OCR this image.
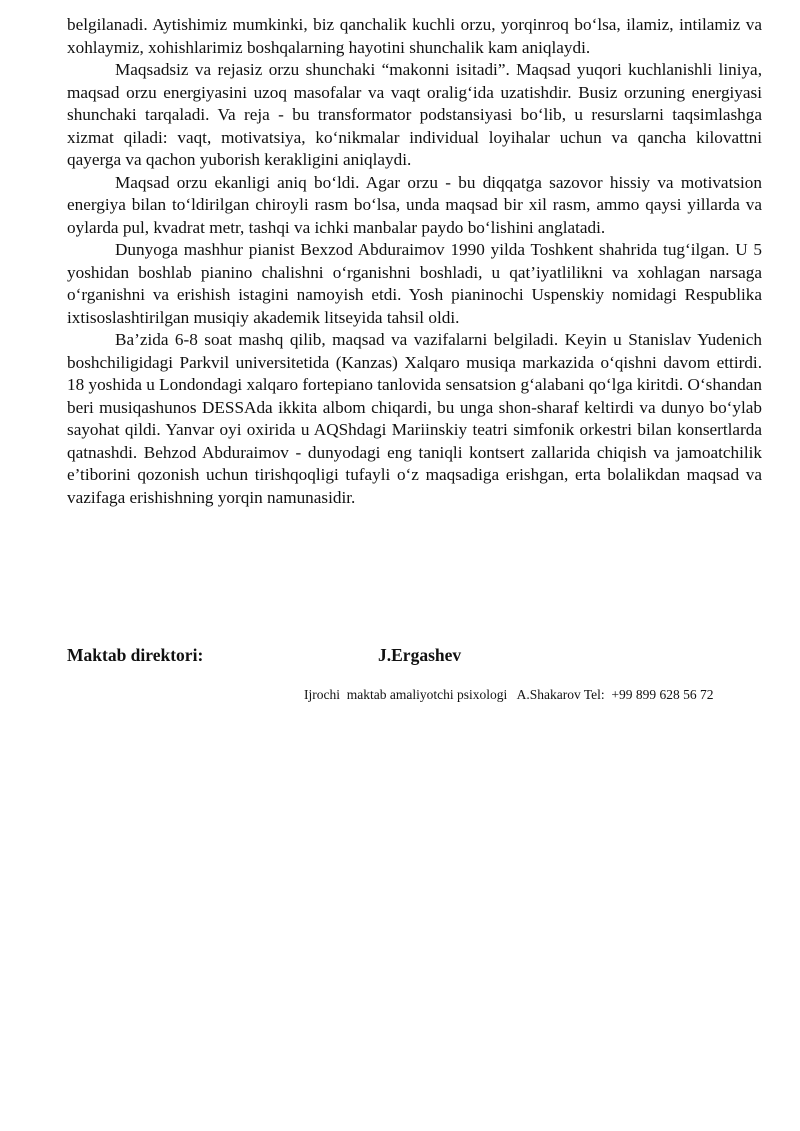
belgilanadi. Aytishimiz mumkinki, biz qanchalik kuchli orzu, yorqinroq bo‘lsa, ilamiz, intilamiz va xohlaymiz, xohishlarimiz boshqalarning hayotini shunchalik kam aniqlaydi.

Maqsadsiz va rejasiz orzu shunchaki “makonni isitadi”. Maqsad yuqori kuchlanishli liniya, maqsad orzu energiyasini uzoq masofalar va vaqt oralig‘ida uzatishdir. Busiz orzuning energiyasi shunchaki tarqaladi. Va reja - bu transformator podstansiyasi bo‘lib, u resurslarni taqsimlashga xizmat qiladi: vaqt, motivatsiya, ko‘nikmalar individual loyihalar uchun va qancha kilovattni qayerga va qachon yuborish kerakligini aniqlaydi.

Maqsad orzu ekanligi aniq bo‘ldi. Agar orzu - bu diqqatga sazovor hissiy va motivatsion energiya bilan to‘ldirilgan chiroyli rasm bo‘lsa, unda maqsad bir xil rasm, ammo qaysi yillarda va oylarda pul, kvadrat metr, tashqi va ichki manbalar paydo bo‘lishini anglatadi.

Dunyoga mashhur pianist Bexzod Abduraimov 1990 yilda Toshkent shahrida tug‘ilgan. U 5 yoshidan boshlab pianino chalishni o‘rganishni boshladi, u qat’iyatlilikni va xohlagan narsaga o‘rganishni va erishish istagini namoyish etdi. Yosh pianinochi Uspenskiy nomidagi Respublika ixtisoslashtirilgan musiqiy akademik litseyida tahsil oldi.

Ba’zida 6-8 soat mashq qilib, maqsad va vazifalarni belgiladi. Keyin u Stanislav Yudenich boshchiligidagi Parkvil universitetida (Kanzas) Xalqaro musiqa markazida o‘qishni davom ettirdi. 18 yoshida u Londondagi xalqaro fortepiano tanlovida sensatsion g‘alabani qo‘lga kiritdi. O‘shandan beri musiqashunos DESSAda ikkita albom chiqardi, bu unga shon-sharaf keltirdi va dunyo bo‘ylab sayohat qildi. Yanvar oyi oxirida u AQShdagi Mariinskiy teatri simfonik orkestri bilan konsertlarda qatnashdi. Behzod Abduraimov - dunyodagi eng taniqli kontsert zallarida chiqish va jamoatchilik e’tiborini qozonish uchun tirishqoqligi tufayli o‘z maqsadiga erishgan, erta bolalikdan maqsad va vazifaga erishishning yorqin namunasidir.

Maktab direktori:	J.Ergashev
Ijrochi  maktab amaliyotchi psixologi   A.Shakarov Tel:  +99 899 628 56 72
